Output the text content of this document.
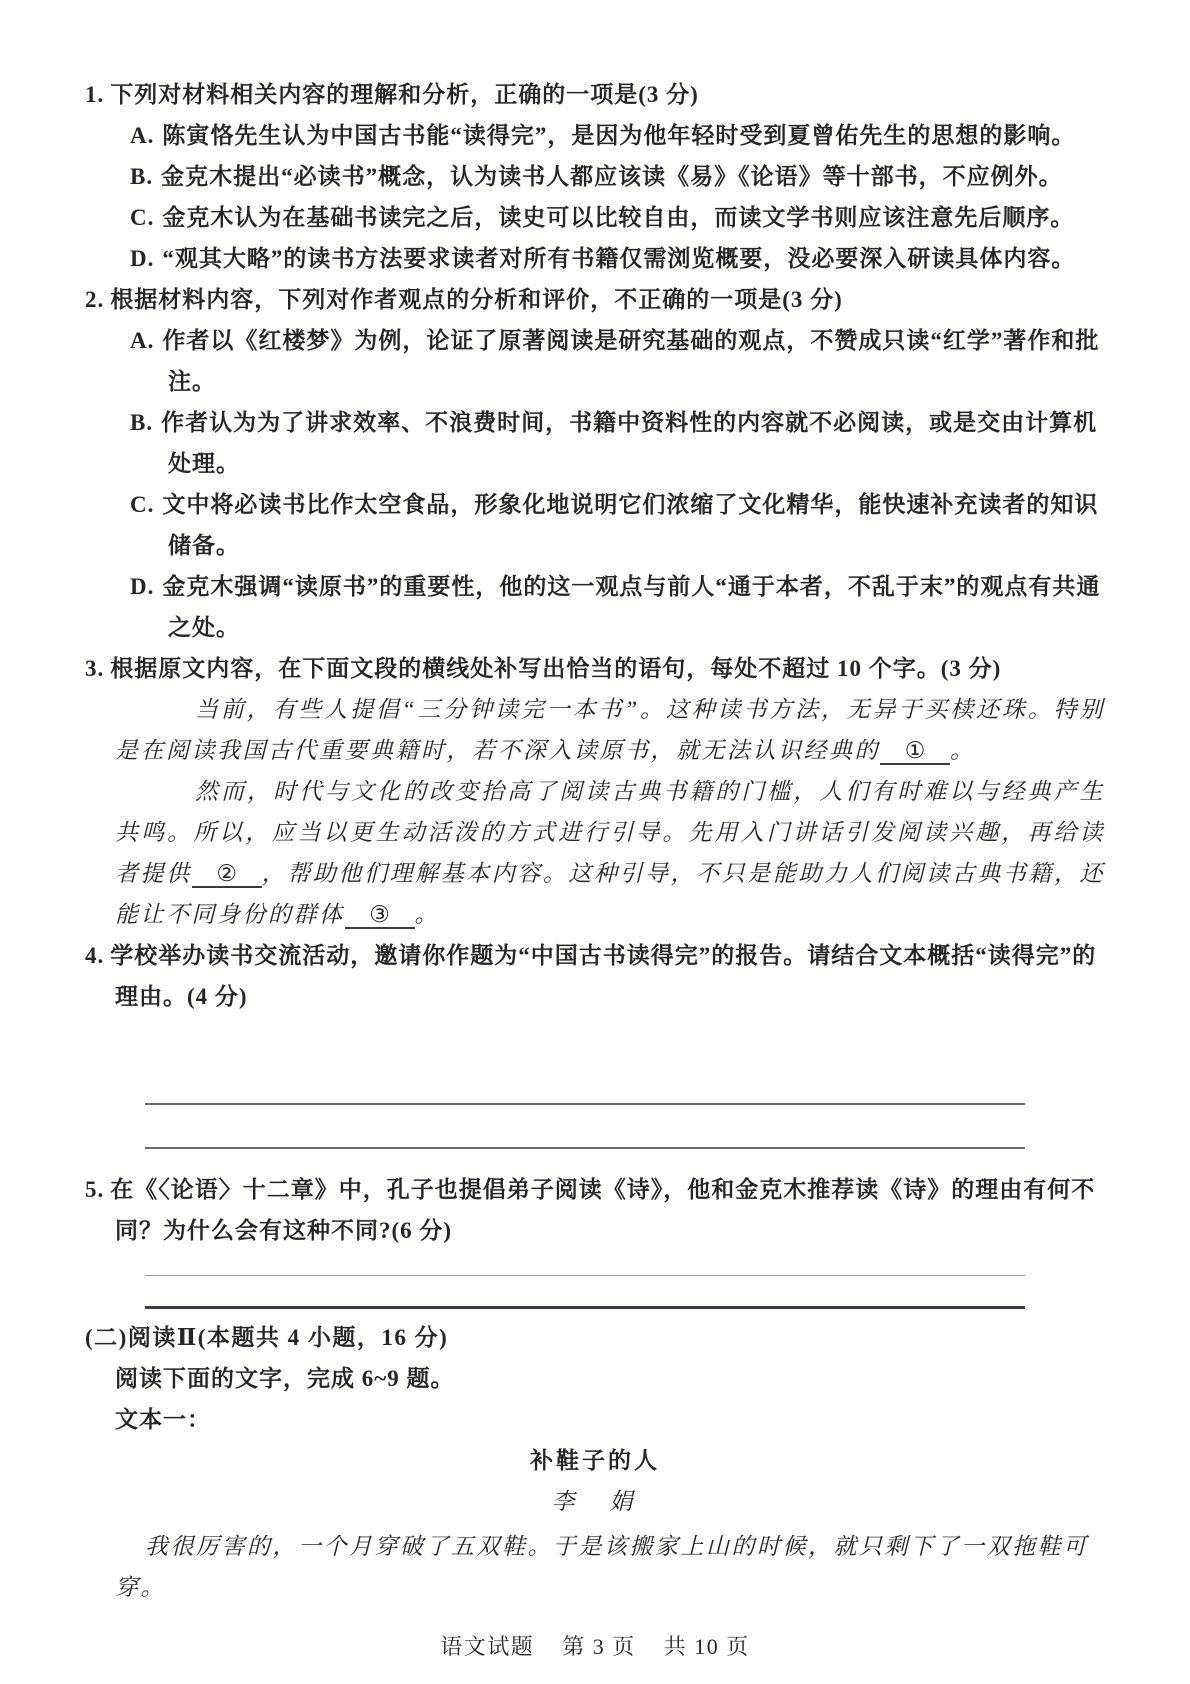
1. 下列对材料相关内容的理解和分析，正确的一项是(3 分)

A. 陈寅恪先生认为中国古书能“读得完”，是因为他年轻时受到夏曾佑先生的思想的影响。

B. 金克木提出“必读书”概念，认为读书人都应该读《易》《论语》等十部书，不应例外。

C. 金克木认为在基础书读完之后，读史可以比较自由，而读文学书则应该注意先后顺序。

D. “观其大略”的读书方法要求读者对所有书籍仅需浏览概要，没必要深入研读具体内容。

2. 根据材料内容，下列对作者观点的分析和评价，不正确的一项是(3 分)

A. 作者以《红楼梦》为例，论证了原著阅读是研究基础的观点，不赞成只读“红学”著作和批注。

B. 作者认为为了讲求效率、不浪费时间，书籍中资料性的内容就不必阅读，或是交由计算机处理。

C. 文中将必读书比作太空食品，形象化地说明它们浓缩了文化精华，能快速补充读者的知识储备。

D. 金克木强调“读原书”的重要性，他的这一观点与前人“通于本者，不乱于末”的观点有共通之处。

3. 根据原文内容，在下面文段的横线处补写出恰当的语句，每处不超过 10 个字。(3 分)

当前，有些人提倡“三分钟读完一本书”。这种读书方法，无异于买椟还珠。特别是在阅读我国古代重要典籍时，若不深入读原书，就无法认识经典的 ① 。

然而，时代与文化的改变抬高了阅读古典书籍的门槛，人们有时难以与经典产生共鸣。所以，应当以更生动活泼的方式进行引导。先用入门讲话引发阅读兴趣，再给读者提供 ② ，帮助他们理解基本内容。这种引导，不只是能助力人们阅读古典书籍，还能让不同身份的群体 ③ 。

4. 学校举办读书交流活动，邀请你作题为“中国古书读得完”的报告。请结合文本概括“读得完”的理由。(4 分)

5. 在《〈论语〉十二章》中，孔子也提倡弟子阅读《诗》，他和金克木推荐读《诗》的理由有何不同？为什么会有这种不同?(6 分)

(二)阅读Ⅱ(本题共 4 小题，16 分)

阅读下面的文字，完成 6~9 题。

文本一：

补鞋子的人

李　娟

我很厉害的，一个月穿破了五双鞋。于是该搬家上山的时候，就只剩下了一双拖鞋可穿。

语文试题 第 3 页 共 10 页
